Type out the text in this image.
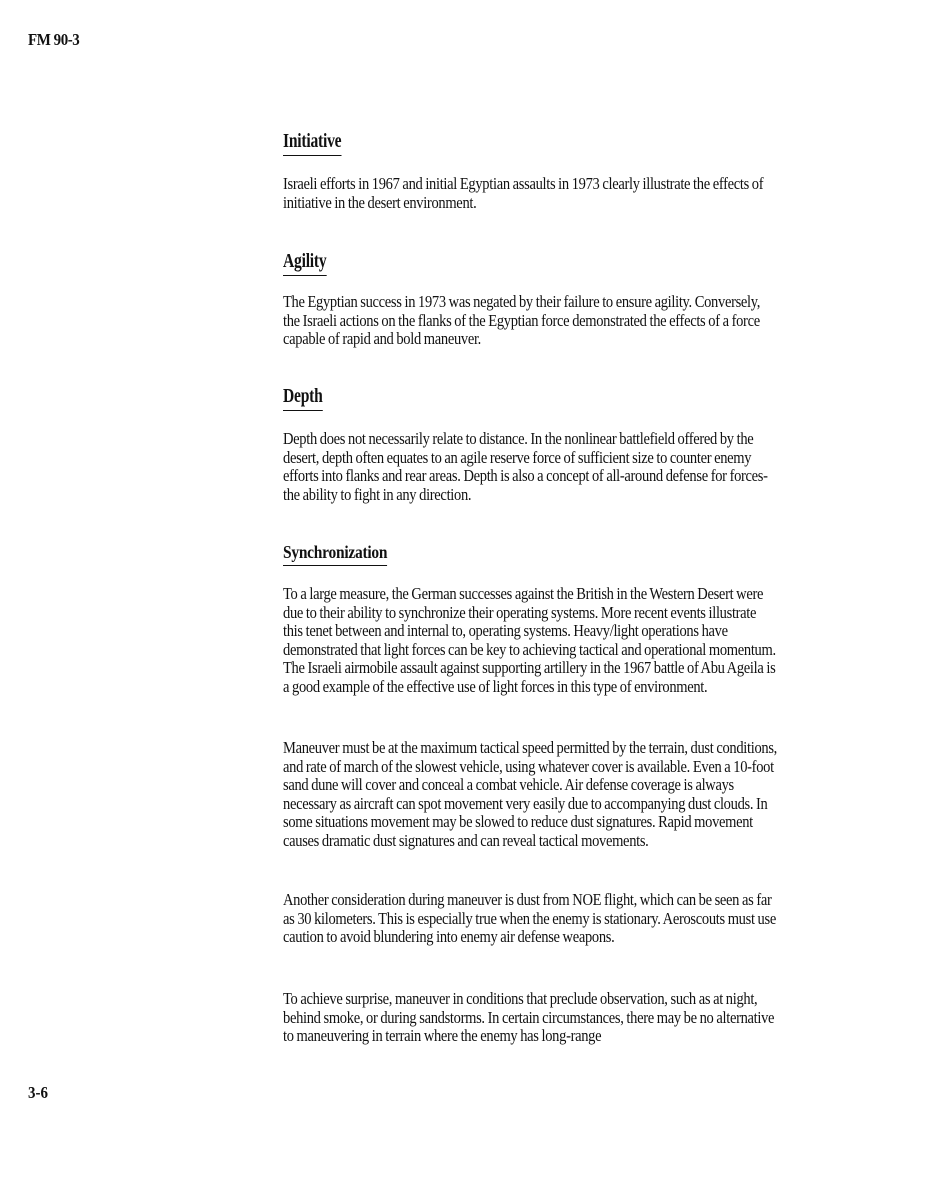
FM 90-3
Initiative

Israeli efforts in 1967 and initial Egyptian assaults in 1973 clearly illustrate the effects of initiative in the desert environment.

Agility

The Egyptian success in 1973 was negated by their failure to ensure agility. Conversely, the Israeli actions on the flanks of the Egyptian force demonstrated the effects of a force capable of rapid and bold maneuver.

Depth

Depth does not necessarily relate to distance. In the nonlinear battlefield offered by the desert, depth often equates to an agile reserve force of sufficient size to counter enemy efforts into flanks and rear areas. Depth is also a concept of all-around defense for forces-the ability to fight in any direction.

Synchronization

To a large measure, the German successes against the British in the Western Desert were due to their ability to synchronize their operating systems. More recent events illustrate this tenet between and internal to, operating systems. Heavy/light operations have demonstrated that light forces can be key to achieving tactical and operational momentum. The Israeli airmobile assault against supporting artillery in the 1967 battle of Abu Ageila is a good example of the effective use of light forces in this type of environment.

Maneuver must be at the maximum tactical speed permitted by the terrain, dust conditions, and rate of march of the slowest vehicle, using whatever cover is available. Even a 10-foot sand dune will cover and conceal a combat vehicle. Air defense coverage is always necessary as aircraft can spot movement very easily due to accompanying dust clouds. In some situations movement may be slowed to reduce dust signatures. Rapid movement causes dramatic dust signatures and can reveal tactical movements.

Another consideration during maneuver is dust from NOE flight, which can be seen as far as 30 kilometers. This is especially true when the enemy is stationary. Aeroscouts must use caution to avoid blundering into enemy air defense weapons.

To achieve surprise, maneuver in conditions that preclude observation, such as at night, behind smoke, or during sandstorms. In certain circumstances, there may be no alternative to maneuvering in terrain where the enemy has long-range

3-6
